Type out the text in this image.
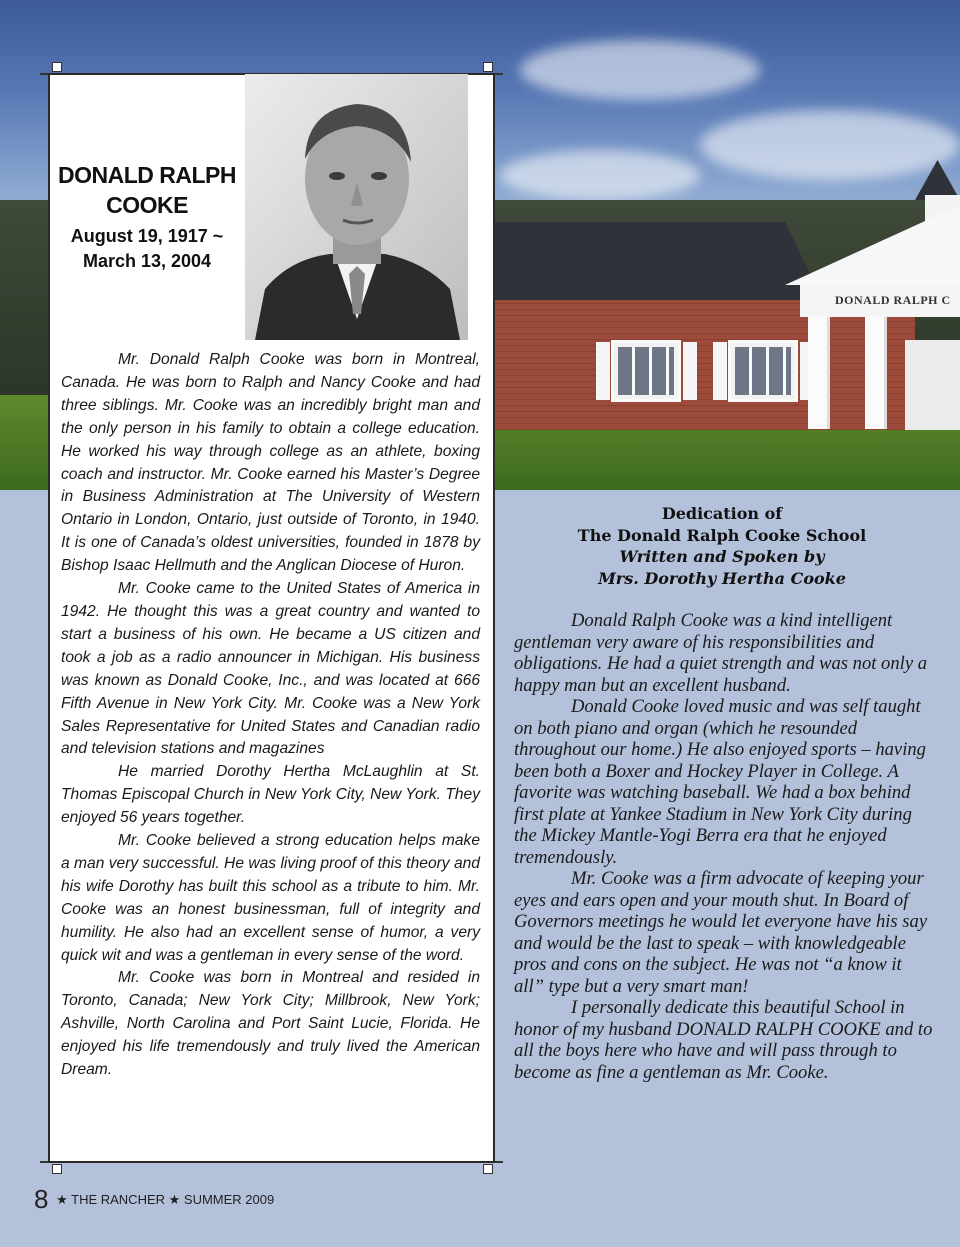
DONALD RALPH C
DONALD RALPH COOKE
August 19, 1917 ~
March 13, 2004

Mr. Donald Ralph Cooke was born in Montreal, Canada. He was born to Ralph and Nancy Cooke and had three siblings. Mr. Cooke was an incredibly bright man and the only person in his family to obtain a college education. He worked his way through college as an athlete, boxing coach and instructor. Mr. Cooke earned his Master’s Degree in Business Administration at The University of Western Ontario in London, Ontario, just outside of Toronto, in 1940. It is one of Canada’s oldest universities, founded in 1878 by Bishop Isaac Hellmuth and the Anglican Diocese of Huron.

Mr. Cooke came to the United States of America in 1942. He thought this was a great country and wanted to start a business of his own. He became a US citizen and took a job as a radio announcer in Michigan. His business was known as Donald Cooke, Inc., and was located at 666 Fifth Avenue in New York City. Mr. Cooke was a New York Sales Representative for United States and Canadian radio and television stations and magazines

He married Dorothy Hertha McLaughlin at St. Thomas Episcopal Church in New York City, New York. They enjoyed 56 years together.

Mr. Cooke believed a strong education helps make a man very successful. He was living proof of this theory and his wife Dorothy has built this school as a tribute to him. Mr. Cooke was an honest businessman, full of integrity and humility. He also had an excellent sense of humor, a very quick wit and was a gentleman in every sense of the word.

Mr. Cooke was born in Montreal and resided in Toronto, Canada; New York City; Millbrook, New York; Ashville, North Carolina and Port Saint Lucie, Florida. He enjoyed his life tremendously and truly lived the American Dream.

8 ★ THE RANCHER ★ SUMMER 2009
Dedication of
The Donald Ralph Cooke School
Written and Spoken by
Mrs. Dorothy Hertha Cooke

Donald Ralph Cooke was a kind intelligent gentleman very aware of his responsibilities and obligations. He had a quiet strength and was not only a happy man but an excellent husband.

Donald Cooke loved music and was self taught on both piano and organ (which he resounded throughout our home.) He also enjoyed sports – having been both a Boxer and Hockey Player in College. A favorite was watching baseball. We had a box behind first plate at Yankee Stadium in New York City during the Mickey Mantle-Yogi Berra era that he enjoyed tremendously.

Mr. Cooke was a firm advocate of keeping your eyes and ears open and your mouth shut. In Board of Governors meetings he would let everyone have his say and would be the last to speak – with knowledgeable pros and cons on the subject. He was not “a know it all” type but a very smart man!

I personally dedicate this beautiful School in honor of my husband DONALD RALPH COOKE and to all the boys here who have and will pass through to become as fine a gentleman as Mr. Cooke.
